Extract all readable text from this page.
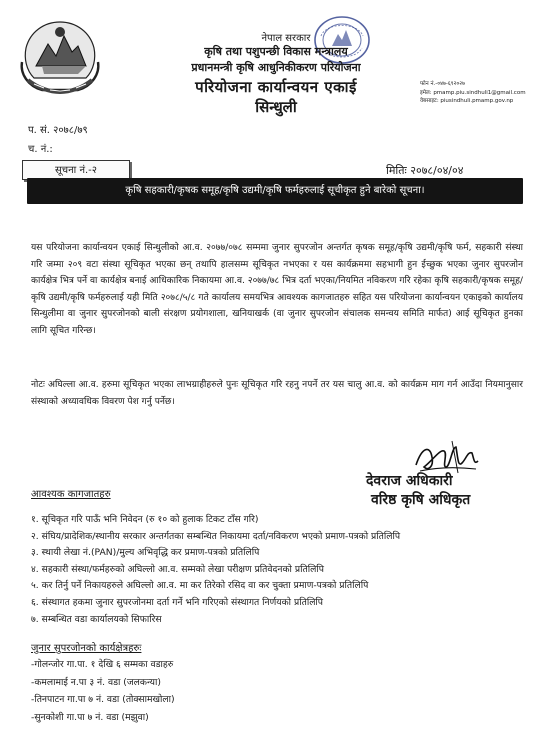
नेपाल सरकार
कृषि तथा पशुपन्छी विकास मन्त्रालय
प्रधानमन्त्री कृषि आधुनिकीकरण परियोजना
परियोजना कार्यान्वयन एकाई
सिन्धुली
फोन नं.-०४७-६९२०२७
इमेल: pmamp.piu.sindhuli1@gmail.com
वेबसाइट: piusindhuli.pmamp.gov.np
प. सं. २०७८/७९
च. नं.:
सूचना नं.-२	मितिः २०७८/०४/०४
कृषि सहकारी/कृषक समूह/कृषि उद्यमी/कृषि फर्महरुलाई सूचीकृत हुने बारेको सूचना।
यस परियोजना कार्यान्वयन एकाई सिन्धुलीको आ.व. २०७७/०७८ सम्ममा जुनार सुपरजोन अन्तर्गत कृषक समूह/कृषि उद्यमी/कृषि फर्म, सहकारी संस्था गरि जम्मा २०९ वटा संस्था सूचिकृत भएका छन् तथापि हालसम्म सूचिकृत नभएका र यस कार्यक्रममा सहभागी हुन ईच्छुक भएका जुनार सुपरजोन कार्यक्षेत्र भित्र पर्ने वा कार्यक्षेत्र बनाई आधिकारिक निकायमा आ.व. २०७७/७८ भित्र दर्ता भएका/नियमित नविकरण गरि रहेका कृषि सहकारी/कृषक समूह/कृषि उद्यमी/कृषि फर्महरुलाई यही मिति २०७८/५/८ गते कार्यालय समयभित्र आवश्यक कागजातहरु सहित यस परियोजना कार्यान्वयन एकाइको कार्यालय सिन्धुलीमा वा जुनार सुपरजोनको बाली संरक्षण प्रयोगशाला, खनियाखर्क (वा जुनार सुपरजोन संचालक समन्वय समिति मार्फत) आई सूचिकृत हुनका लागि सूचित गरिन्छ।
नोटः अघिल्ला आ.व. हरुमा सूचिकृत भएका लाभग्राहीहरुले पुनः सूचिकृत गरि रहनु नपर्ने तर यस चालु आ.व. को कार्यक्रम माग गर्न आउँदा नियमानुसार संस्थाको अध्यावधिक विवरण पेश गर्नु पर्नेछ।
देवराज अधिकारी
वरिष्ठ कृषि अधिकृत
आवश्यक कागजातहरु
१. सूचिकृत गरि पाऊँ भनि निवेदन (रु १० को हुलाक टिकट टाँस गरि)
२. संघिय/प्रादेशिक/स्थानीय सरकार अन्तर्गतका सम्बन्धित निकायमा दर्ता/नविकरण भएको प्रमाण-पत्रको प्रतिलिपि
३. स्थायी लेखा नं.(PAN)/मुल्य अभिवृद्धि कर प्रमाण-पत्रको प्रतिलिपि
४. सहकारी संस्था/फर्महरुको अघिल्लो आ.व. सम्मको लेखा परीक्षण प्रतिवेदनको प्रतिलिपि
५. कर तिर्नु पर्ने निकायहरुले अघिल्लो आ.व. मा कर तिरेको रसिद वा कर चुक्ता प्रमाण-पत्रको प्रतिलिपि
६. संस्थागत हकमा जुनार सुपरजोनमा दर्ता गर्ने भनि गरिएको संस्थागत निर्णयको प्रतिलिपि
७. सम्बन्धित वडा कार्यालयको सिफारिस
जुनार सुपरजोनको कार्यक्षेत्रहरुः
-गोलन्जोर गा.पा. १ देखि ६ सम्मका वडाहरु
-कमलामाई न.पा ३ नं. वडा (जलकन्या)
-तिनपाटन गा.पा ७ नं. वडा (तोक्सामखोला)
-सुनकोशी गा.पा ७ नं. वडा (मझुवा)
